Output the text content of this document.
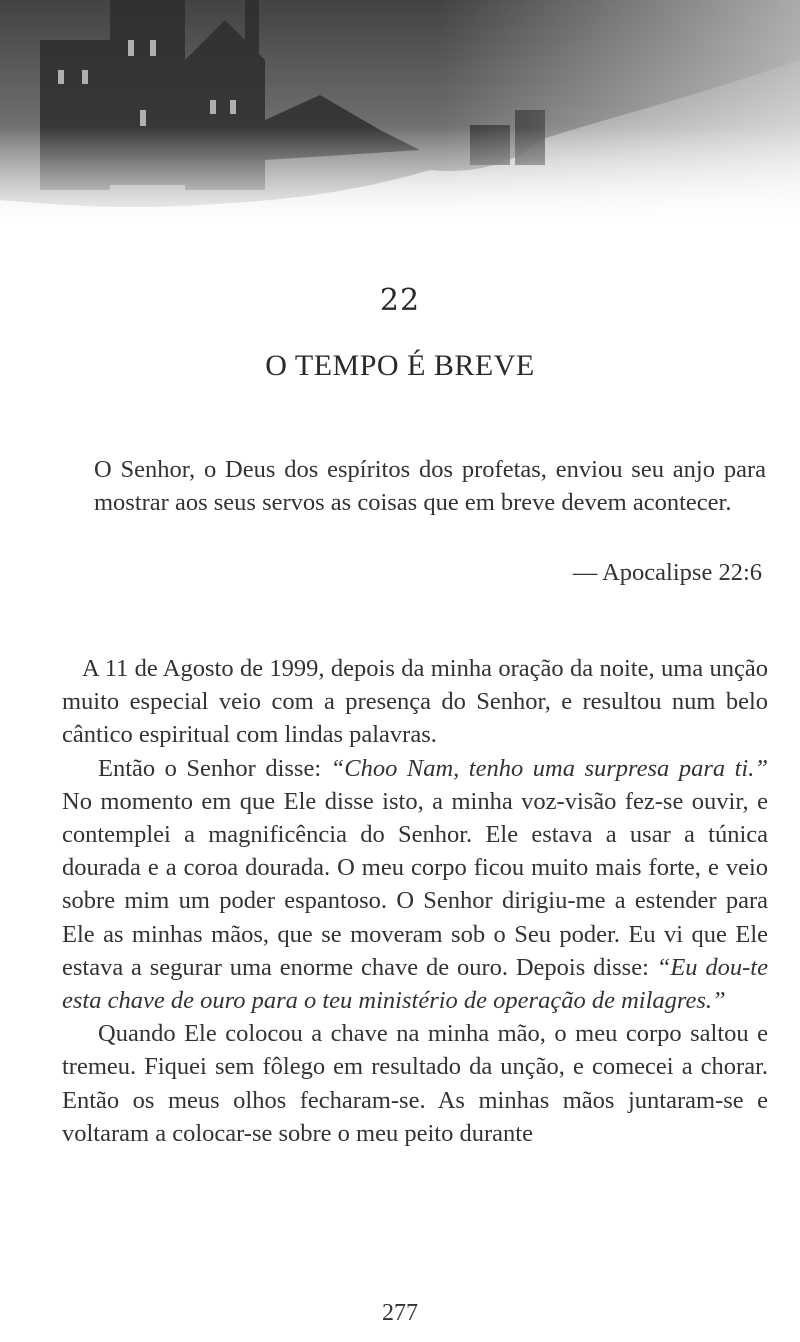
22
O TEMPO É BREVE
O Senhor, o Deus dos espíritos dos profetas, enviou seu anjo para mostrar aos seus servos as coisas que em breve devem acontecer.
— Apocalipse 22:6

A 11 de Agosto de 1999, depois da minha oração da noite, uma unção muito especial veio com a presença do Senhor, e resultou num belo cântico espiritual com lindas palavras.

Então o Senhor disse: “Choo Nam, tenho uma surpresa para ti.” No momento em que Ele disse isto, a minha voz-visão fez-se ouvir, e contemplei a magnificência do Senhor. Ele estava a usar a túnica dourada e a coroa dourada. O meu corpo ficou muito mais forte, e veio sobre mim um poder espantoso. O Senhor dirigiu-me a estender para Ele as minhas mãos, que se moveram sob o Seu poder. Eu vi que Ele estava a segurar uma enorme chave de ouro. Depois disse: “Eu dou-te esta chave de ouro para o teu ministério de operação de milagres.”

Quando Ele colocou a chave na minha mão, o meu corpo saltou e tremeu. Fiquei sem fôlego em resultado da unção, e comecei a chorar. Então os meus olhos fecharam-se. As minhas mãos juntaram-se e voltaram a colocar-se sobre o meu peito durante

277
